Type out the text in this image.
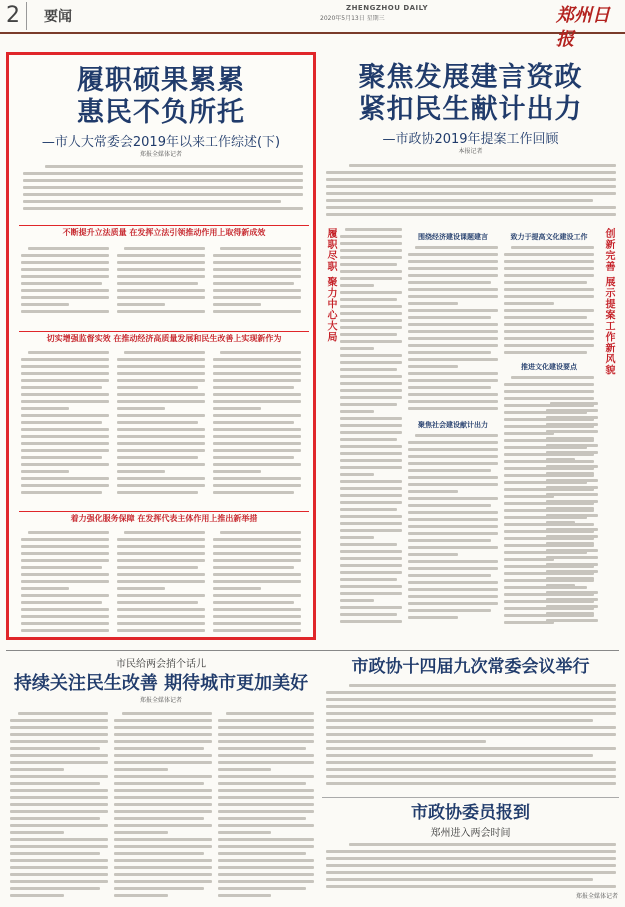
2	要闻
ZHENGZHOU DAILY
2020年5月13日 星期三	郑州日报
履职硕果累累
惠民不负所托
—市人大常委会2019年以来工作综述(下)
郑报全媒体记者
不断提升立法质量 在发挥立法引领推动作用上取得新成效
切实增强监督实效 在推动经济高质量发展和民生改善上实现新作为
着力强化服务保障 在发挥代表主体作用上推出新举措
聚焦发展建言资政
紧扣民生献计出力
—市政协2019年提案工作回顾
本报记者
履职尽职 聚力中心大局	创新完善 展示提案工作新风貌
围绕经济建设课题建言
聚焦社会建设献计出力
致力于提高文化建设工作
推进文化建设要点
市民给两会捎个话儿
持续关注民生改善 期待城市更加美好
郑报全媒体记者
市政协十四届九次常委会议举行
市政协委员报到
郑州进入两会时间
郑报全媒体记者
